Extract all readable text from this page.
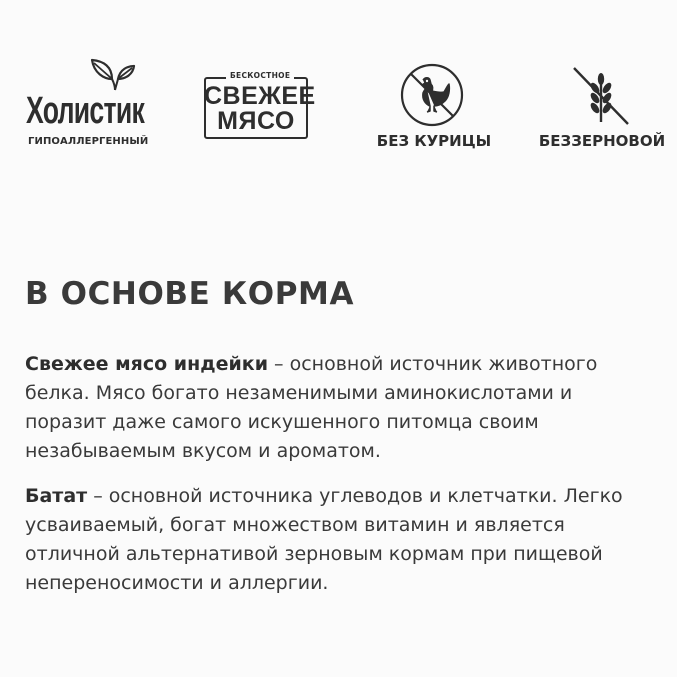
Холистик
ГИПОАЛЛЕРГЕННЫЙ
БЕСКОСТНОЕ
СВЕЖЕЕ
МЯСО
БЕЗ КУРИЦЫ	БЕЗЗЕРНОВОЙ
В ОСНОВЕ КОРМА

Свежее мясо индейки – основной источник животного белка. Мясо богато незаменимыми аминокислотами и поразит даже самого искушенного питомца своим незабываемым вкусом и ароматом.

Батат – основной источника углеводов и клетчатки. Легко усваиваемый, богат множеством витамин и является отличной альтернативой зерновым кормам при пищевой непереносимости и аллергии.
